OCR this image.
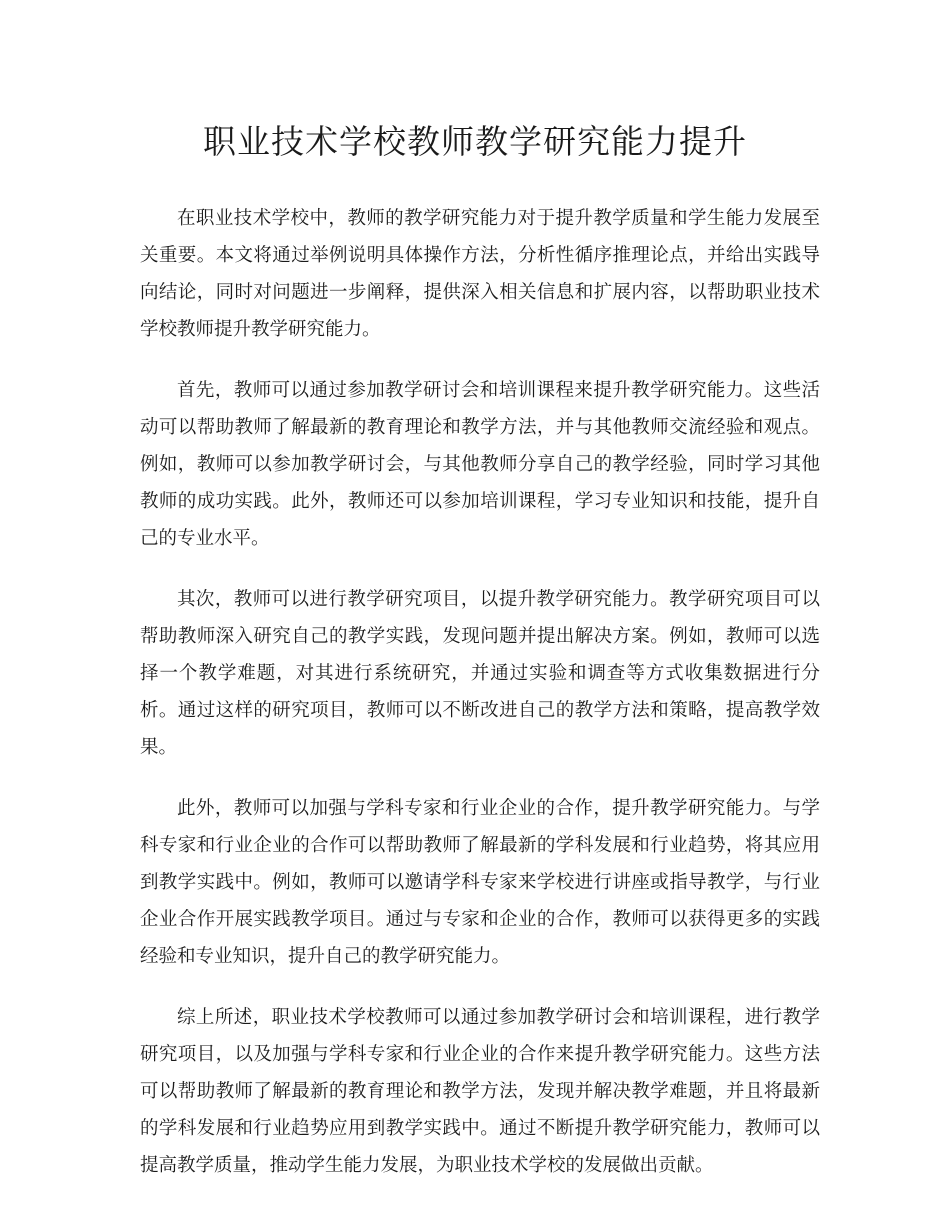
职业技术学校教师教学研究能力提升

在职业技术学校中，教师的教学研究能力对于提升教学质量和学生能力发展至关重要。本文将通过举例说明具体操作方法，分析性循序推理论点，并给出实践导向结论，同时对问题进一步阐释，提供深入相关信息和扩展内容，以帮助职业技术学校教师提升教学研究能力。

首先，教师可以通过参加教学研讨会和培训课程来提升教学研究能力。这些活动可以帮助教师了解最新的教育理论和教学方法，并与其他教师交流经验和观点。例如，教师可以参加教学研讨会，与其他教师分享自己的教学经验，同时学习其他教师的成功实践。此外，教师还可以参加培训课程，学习专业知识和技能，提升自己的专业水平。

其次，教师可以进行教学研究项目，以提升教学研究能力。教学研究项目可以帮助教师深入研究自己的教学实践，发现问题并提出解决方案。例如，教师可以选择一个教学难题，对其进行系统研究，并通过实验和调查等方式收集数据进行分析。通过这样的研究项目，教师可以不断改进自己的教学方法和策略，提高教学效果。

此外，教师可以加强与学科专家和行业企业的合作，提升教学研究能力。与学科专家和行业企业的合作可以帮助教师了解最新的学科发展和行业趋势，将其应用到教学实践中。例如，教师可以邀请学科专家来学校进行讲座或指导教学，与行业企业合作开展实践教学项目。通过与专家和企业的合作，教师可以获得更多的实践经验和专业知识，提升自己的教学研究能力。

综上所述，职业技术学校教师可以通过参加教学研讨会和培训课程，进行教学研究项目，以及加强与学科专家和行业企业的合作来提升教学研究能力。这些方法可以帮助教师了解最新的教育理论和教学方法，发现并解决教学难题，并且将最新的学科发展和行业趋势应用到教学实践中。通过不断提升教学研究能力，教师可以提高教学质量，推动学生能力发展，为职业技术学校的发展做出贡献。
